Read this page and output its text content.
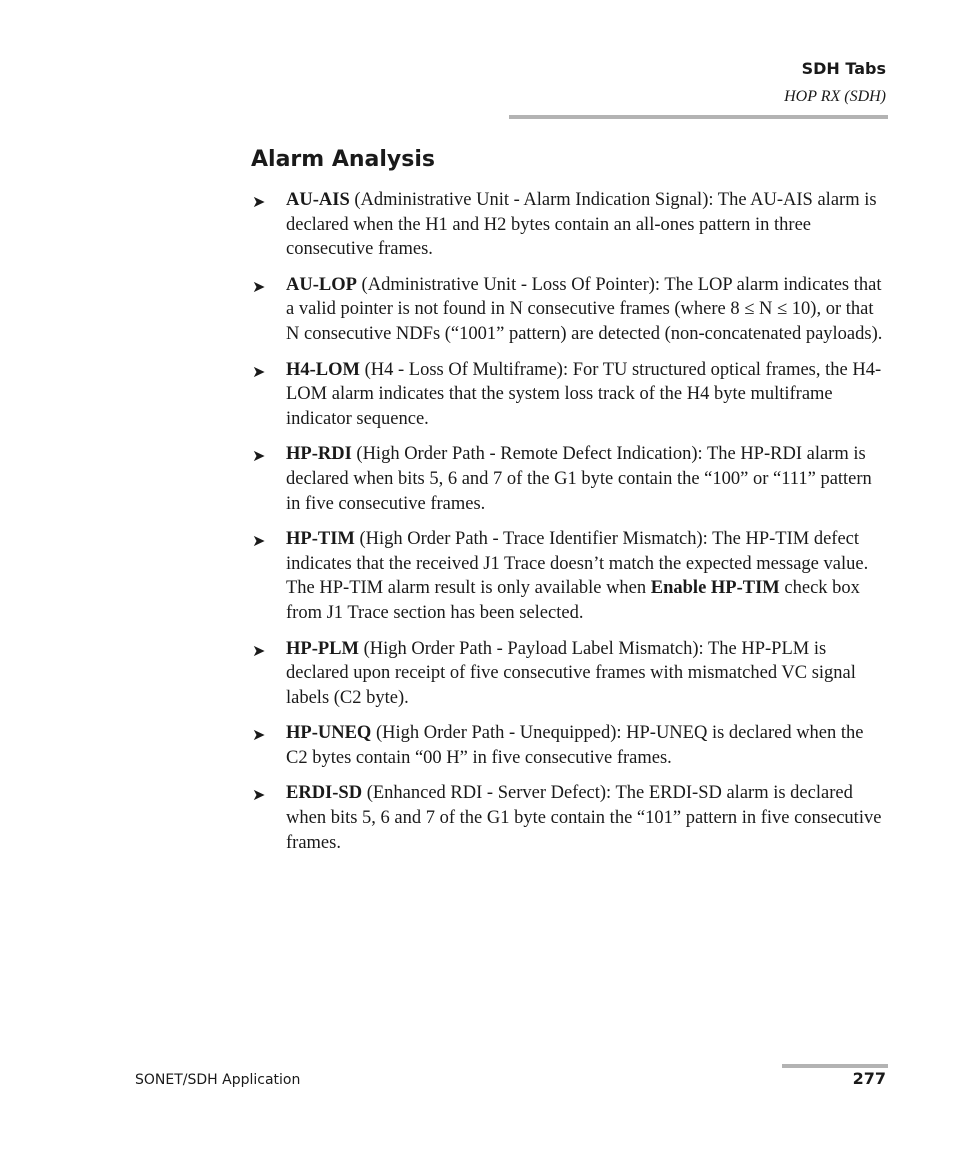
SDH Tabs
HOP RX (SDH)
Alarm Analysis
➤ AU-AIS (Administrative Unit - Alarm Indication Signal): The AU-AIS alarm is declared when the H1 and H2 bytes contain an all-ones pattern in three consecutive frames.
➤ AU-LOP (Administrative Unit - Loss Of Pointer): The LOP alarm indicates that a valid pointer is not found in N consecutive frames (where 8 ≤ N ≤ 10), or that N consecutive NDFs (“1001” pattern) are detected (non-concatenated payloads).
➤ H4-LOM (H4 - Loss Of Multiframe): For TU structured optical frames, the H4-LOM alarm indicates that the system loss track of the H4 byte multiframe indicator sequence.
➤ HP-RDI (High Order Path - Remote Defect Indication): The HP-RDI alarm is declared when bits 5, 6 and 7 of the G1 byte contain the “100” or “111” pattern in five consecutive frames.
➤ HP-TIM (High Order Path - Trace Identifier Mismatch): The HP-TIM defect indicates that the received J1 Trace doesn’t match the expected message value. The HP-TIM alarm result is only available when Enable HP-TIM check box from J1 Trace section has been selected.
➤ HP-PLM (High Order Path - Payload Label Mismatch): The HP-PLM is declared upon receipt of five consecutive frames with mismatched VC signal labels (C2 byte).
➤ HP-UNEQ (High Order Path - Unequipped): HP-UNEQ is declared when the C2 bytes contain “00 H” in five consecutive frames.
➤ ERDI-SD (Enhanced RDI - Server Defect): The ERDI-SD alarm is declared when bits 5, 6 and 7 of the G1 byte contain the “101” pattern in five consecutive frames.
SONET/SDH Application	277
